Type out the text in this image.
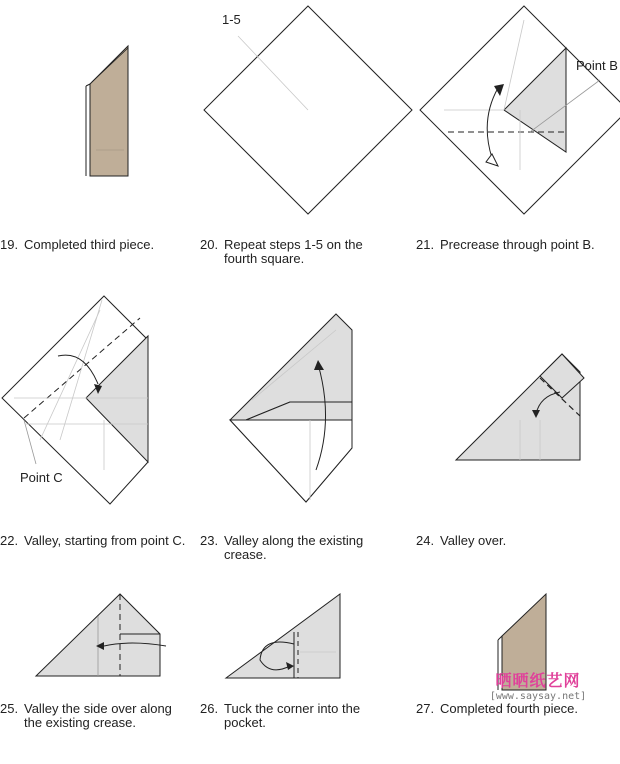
1-5
Point B
Point C
19. Completed third piece.	20. Repeat steps 1-5 on the
fourth square.
21. Precrease through point B.
22. Valley, starting from point C.	23. Valley along the existing
crease.
24. Valley over.
25. Valley the side over along
the existing crease.
26. Tuck the corner into the
pocket.
27. Completed fourth piece.
晒晒纸艺网
[www.saysay.net]
